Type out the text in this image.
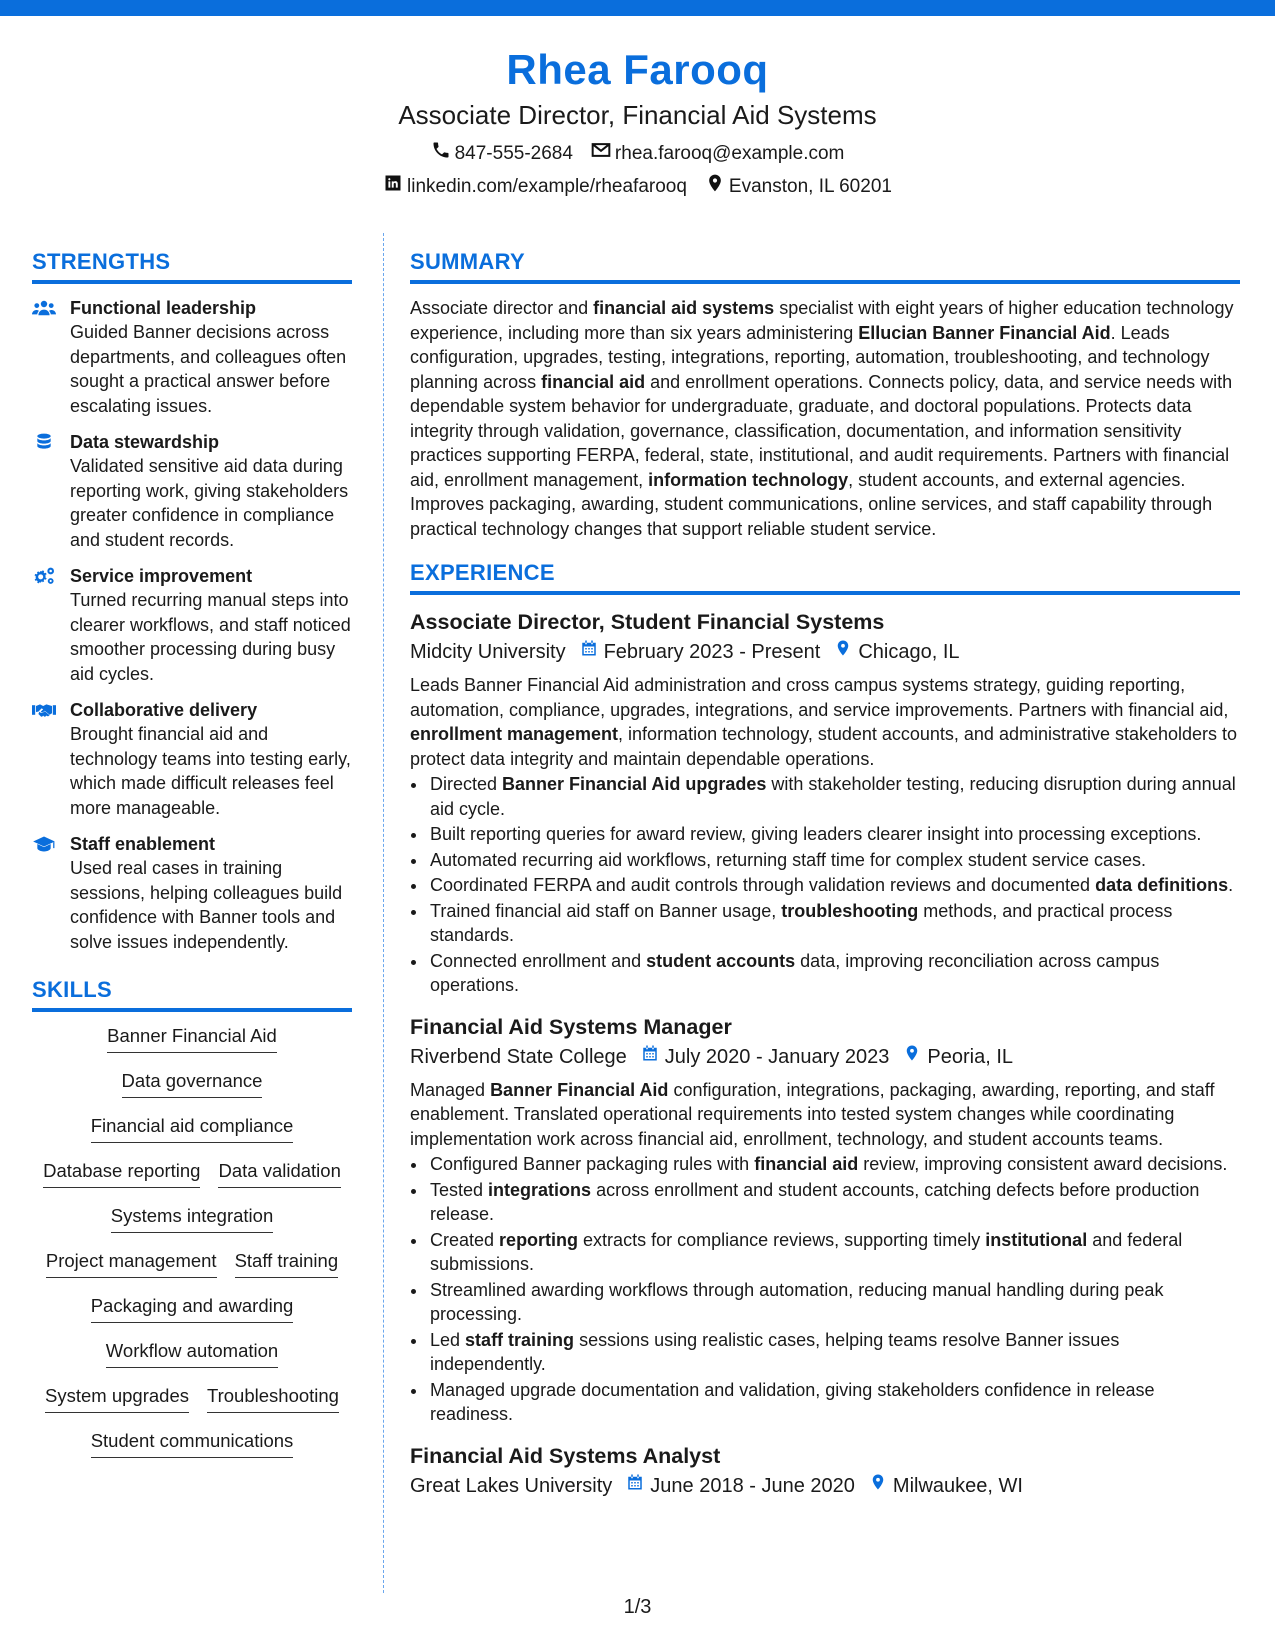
Rhea Farooq
Associate Director, Financial Aid Systems
847-555-2684 rhea.farooq@example.com
linkedin.com/example/rheafarooq Evanston, IL 60201
STRENGTHS
Functional leadership
Guided Banner decisions across departments, and colleagues often sought a practical answer before escalating issues.
Data stewardship
Validated sensitive aid data during reporting work, giving stakeholders greater confidence in compliance and student records.
Service improvement
Turned recurring manual steps into clearer workflows, and staff noticed smoother processing during busy aid cycles.
Collaborative delivery
Brought financial aid and technology teams into testing early, which made difficult releases feel more manageable.
Staff enablement
Used real cases in training sessions, helping colleagues build confidence with Banner tools and solve issues independently.
SKILLS
Banner Financial Aid
Data governance
Financial aid compliance
Database reporting Data validation
Systems integration
Project management Staff training
Packaging and awarding
Workflow automation
System upgrades Troubleshooting
Student communications
SUMMARY
Associate director and financial aid systems specialist with eight years of higher education technology experience, including more than six years administering Ellucian Banner Financial Aid. Leads configuration, upgrades, testing, integrations, reporting, automation, troubleshooting, and technology planning across financial aid and enrollment operations. Connects policy, data, and service needs with dependable system behavior for undergraduate, graduate, and doctoral populations. Protects data integrity through validation, governance, classification, documentation, and information sensitivity practices supporting FERPA, federal, state, institutional, and audit requirements. Partners with financial aid, enrollment management, information technology, student accounts, and external agencies. Improves packaging, awarding, student communications, online services, and staff capability through practical technology changes that support reliable student service.
EXPERIENCE
Associate Director, Student Financial Systems
Midcity University February 2023 - Present Chicago, IL
Leads Banner Financial Aid administration and cross campus systems strategy, guiding reporting, automation, compliance, upgrades, integrations, and service improvements. Partners with financial aid, enrollment management, information technology, student accounts, and administrative stakeholders to protect data integrity and maintain dependable operations.
• Directed Banner Financial Aid upgrades with stakeholder testing, reducing disruption during annual aid cycle.
• Built reporting queries for award review, giving leaders clearer insight into processing exceptions.
• Automated recurring aid workflows, returning staff time for complex student service cases.
• Coordinated FERPA and audit controls through validation reviews and documented data definitions.
• Trained financial aid staff on Banner usage, troubleshooting methods, and practical process standards.
• Connected enrollment and student accounts data, improving reconciliation across campus operations.
Financial Aid Systems Manager
Riverbend State College July 2020 - January 2023 Peoria, IL
Managed Banner Financial Aid configuration, integrations, packaging, awarding, reporting, and staff enablement. Translated operational requirements into tested system changes while coordinating implementation work across financial aid, enrollment, technology, and student accounts teams.
• Configured Banner packaging rules with financial aid review, improving consistent award decisions.
• Tested integrations across enrollment and student accounts, catching defects before production release.
• Created reporting extracts for compliance reviews, supporting timely institutional and federal submissions.
• Streamlined awarding workflows through automation, reducing manual handling during peak processing.
• Led staff training sessions using realistic cases, helping teams resolve Banner issues independently.
• Managed upgrade documentation and validation, giving stakeholders confidence in release readiness.
Financial Aid Systems Analyst
Great Lakes University June 2018 - June 2020 Milwaukee, WI
1/3
